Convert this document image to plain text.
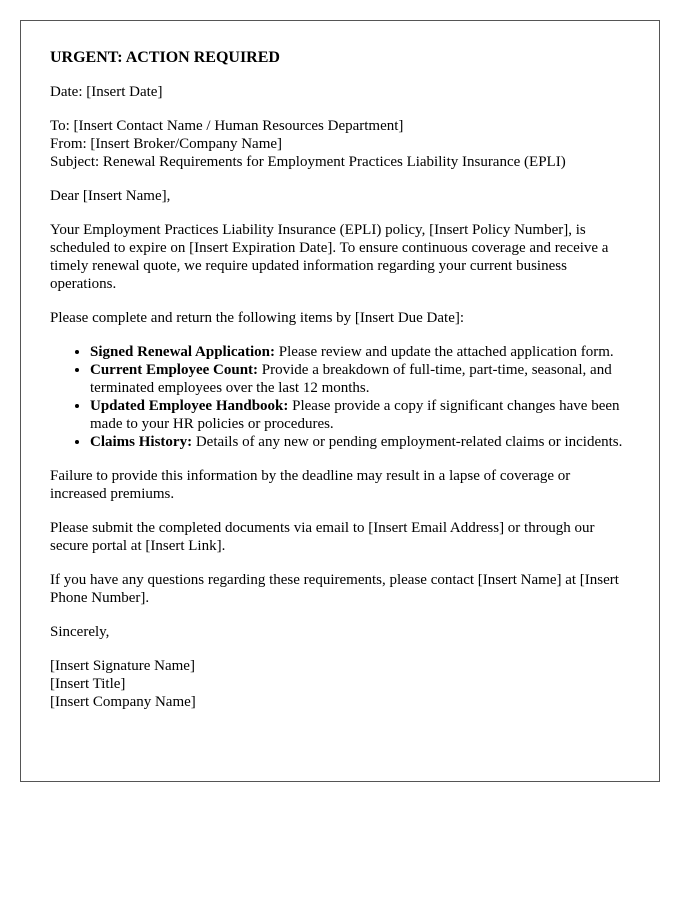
URGENT: ACTION REQUIRED

Date: [Insert Date]

To: [Insert Contact Name / Human Resources Department]
From: [Insert Broker/Company Name]
Subject: Renewal Requirements for Employment Practices Liability Insurance (EPLI)

Dear [Insert Name],

Your Employment Practices Liability Insurance (EPLI) policy, [Insert Policy Number], is scheduled to expire on [Insert Expiration Date]. To ensure continuous coverage and receive a timely renewal quote, we require updated information regarding your current business operations.

Please complete and return the following items by [Insert Due Date]:

• Signed Renewal Application: Please review and update the attached application form.
• Current Employee Count: Provide a breakdown of full-time, part-time, seasonal, and terminated employees over the last 12 months.
• Updated Employee Handbook: Please provide a copy if significant changes have been made to your HR policies or procedures.
• Claims History: Details of any new or pending employment-related claims or incidents.

Failure to provide this information by the deadline may result in a lapse of coverage or increased premiums.

Please submit the completed documents via email to [Insert Email Address] or through our secure portal at [Insert Link].

If you have any questions regarding these requirements, please contact [Insert Name] at [Insert Phone Number].

Sincerely,

[Insert Signature Name]
[Insert Title]
[Insert Company Name]
